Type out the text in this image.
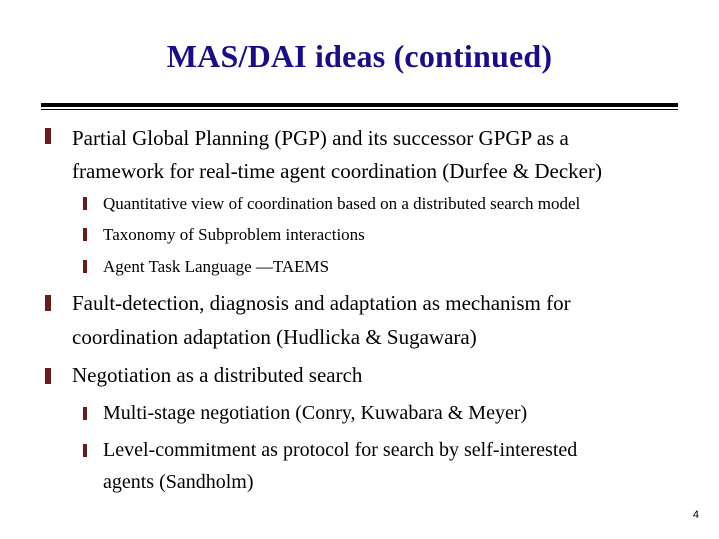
MAS/DAI ideas (continued)
Partial Global Planning (PGP) and its successor GPGP as a
framework for real-time agent coordination (Durfee & Decker)
Quantitative view of coordination based on a distributed search model
Taxonomy of Subproblem interactions
Agent Task Language —TAEMS
Fault-detection, diagnosis and adaptation as mechanism for
coordination adaptation (Hudlicka & Sugawara)
Negotiation as a distributed search
Multi-stage negotiation (Conry, Kuwabara & Meyer)
Level-commitment as protocol for search by self-interested
agents (Sandholm)
4
